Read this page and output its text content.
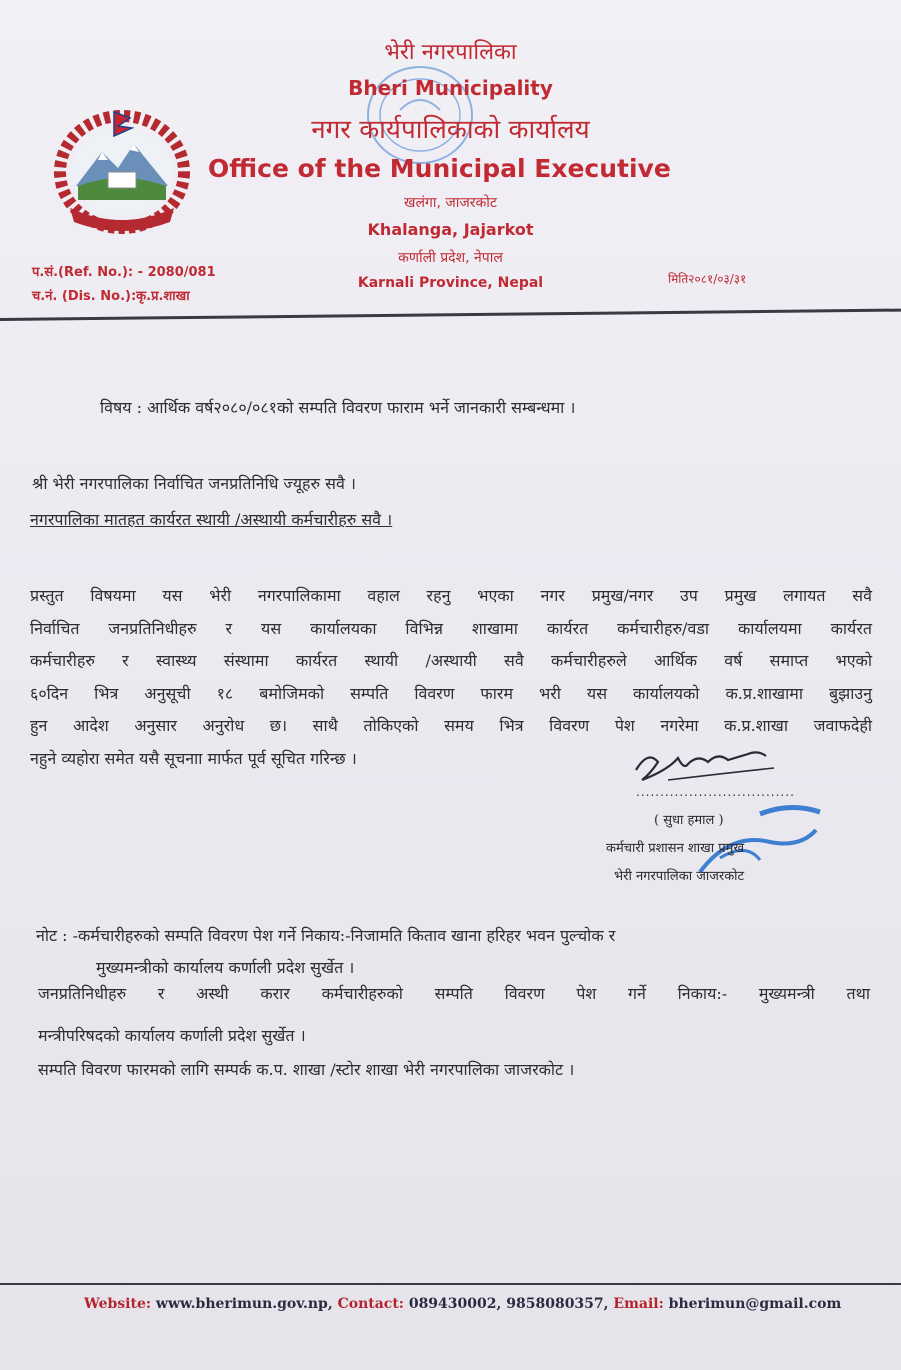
भेरी नगरपालिका
Bheri Municipality
नगर कार्यपालिकाको कार्यालय
Office of the Municipal Executive
खलंगा, जाजरकोट
Khalanga, Jajarkot
कर्णाली प्रदेश, नेपाल
Karnali Province, Nepal
प.सं.(Ref. No.): - 2080/081
च.नं. (Dis. No.):कृ.प्र.शाखा
मिति२०८१/०३/३१
विषय : आर्थिक वर्ष२०८०/०८१को सम्पति विवरण फाराम भर्ने जानकारी सम्बन्धमा ।
श्री भेरी नगरपालिका निर्वाचित जनप्रतिनिधि ज्यूहरु सवै ।
नगरपालिका मातहत कार्यरत स्थायी /अस्थायी कर्मचारीहरु सवै ।
प्रस्तुत विषयमा यस भेरी नगरपालिकामा वहाल रहनु भएका नगर प्रमुख/नगर उप प्रमुख लगायत सवै
निर्वाचित जनप्रतिनिधीहरु र यस कार्यालयका विभिन्न शाखामा कार्यरत कर्मचारीहरु/वडा कार्यालयमा कार्यरत
कर्मचारीहरु र स्वास्थ्य संस्थामा कार्यरत स्थायी /अस्थायी सवै कर्मचारीहरुले आर्थिक वर्ष समाप्त भएको
६०दिन भित्र अनुसूची १८ बमोजिमको सम्पति विवरण फारम भरी यस कार्यालयको क.प्र.शाखामा बुझाउनु
हुन आदेश अनुसार अनुरोध छ। साथै तोकिएको समय भित्र विवरण पेश नगरेमा क.प्र.शाखा जवाफदेही
नहुने व्यहोरा समेत यसै सूचनाा मार्फत पूर्व सूचित गरिन्छ ।
.................................
( सुधा हमाल )
कर्मचारी प्रशासन शाखा प्रमुख
भेरी नगरपालिका जाजरकोट
नोट : -कर्मचारीहरुको सम्पति विवरण पेश गर्ने निकाय:-निजामति किताव खाना हरिहर भवन पुल्चोक र
मुख्यमन्त्रीको कार्यालय कर्णाली प्रदेश सुर्खेत ।
जनप्रतिनिधीहरु र अस्थी करार कर्मचारीहरुको सम्पति विवरण पेश गर्ने निकाय:- मुख्यमन्त्री तथा
मन्त्रीपरिषदको कार्यालय कर्णाली प्रदेश सुर्खेत ।
सम्पति विवरण फारमको लागि सम्पर्क क.प. शाखा /स्टोर शाखा भेरी नगरपालिका जाजरकोट ।
Website: www.bherimun.gov.np, Contact: 089430002, 9858080357, Email: bherimun@gmail.com
